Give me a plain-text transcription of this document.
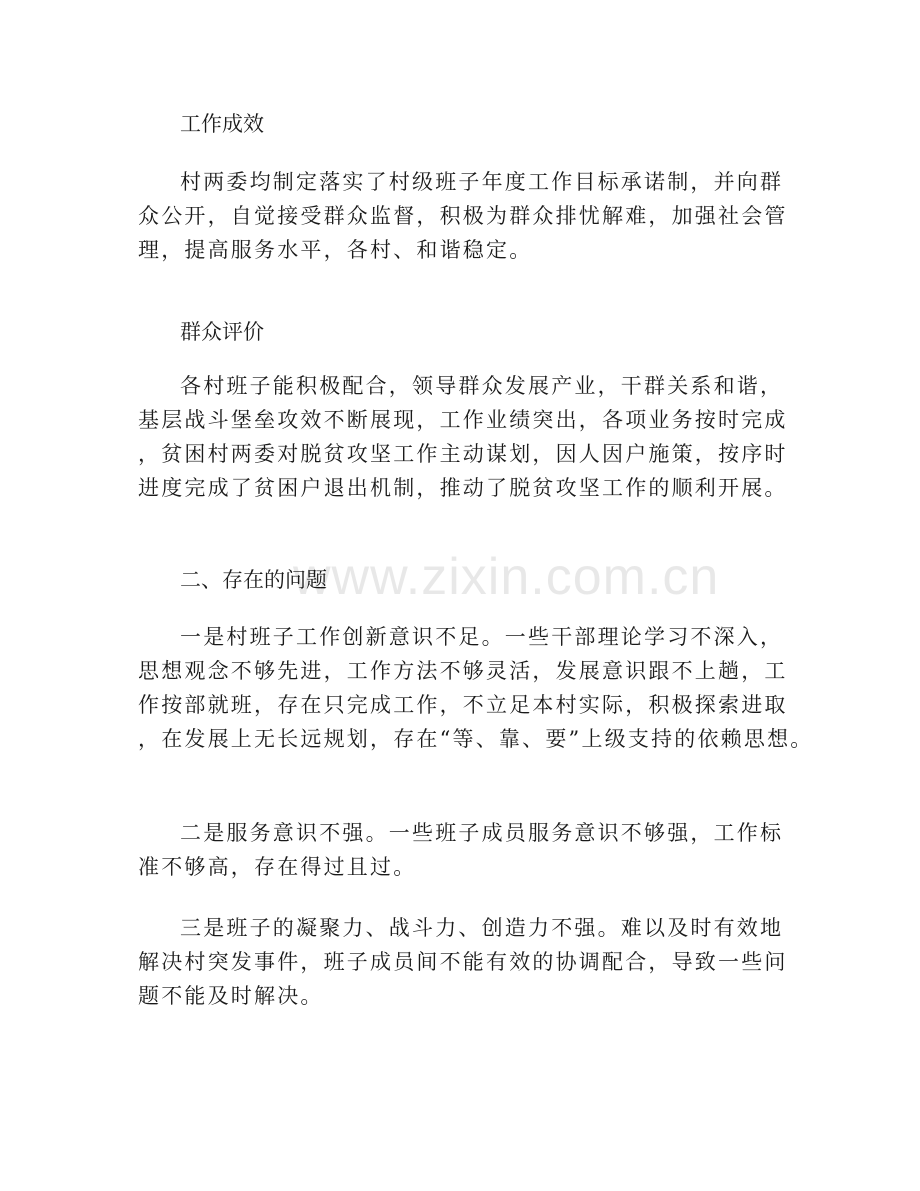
工作成效
村两委均制定落实了村级班子年度工作目标承诺制，并向群
众公开，自觉接受群众监督，积极为群众排忧解难，加强社会管
理，提高服务水平，各村、和谐稳定。
群众评价
各村班子能积极配合，领导群众发展产业，干群关系和谐，
基层战斗堡垒攻效不断展现，工作业绩突出，各项业务按时完成
，贫困村两委对脱贫攻坚工作主动谋划，因人因户施策，按序时
进度完成了贫困户退出机制，推动了脱贫攻坚工作的顺利开展。
二、存在的问题
一是村班子工作创新意识不足。一些干部理论学习不深入，
思想观念不够先进，工作方法不够灵活，发展意识跟不上趟，工
作按部就班，存在只完成工作，不立足本村实际，积极探索进取
，在发展上无长远规划，存在“等、靠、要”上级支持的依赖思想。
二是服务意识不强。一些班子成员服务意识不够强，工作标
准不够高，存在得过且过。
三是班子的凝聚力、战斗力、创造力不强。难以及时有效地
解决村突发事件，班子成员间不能有效的协调配合，导致一些问
题不能及时解决。
www.zixin.com.cn
